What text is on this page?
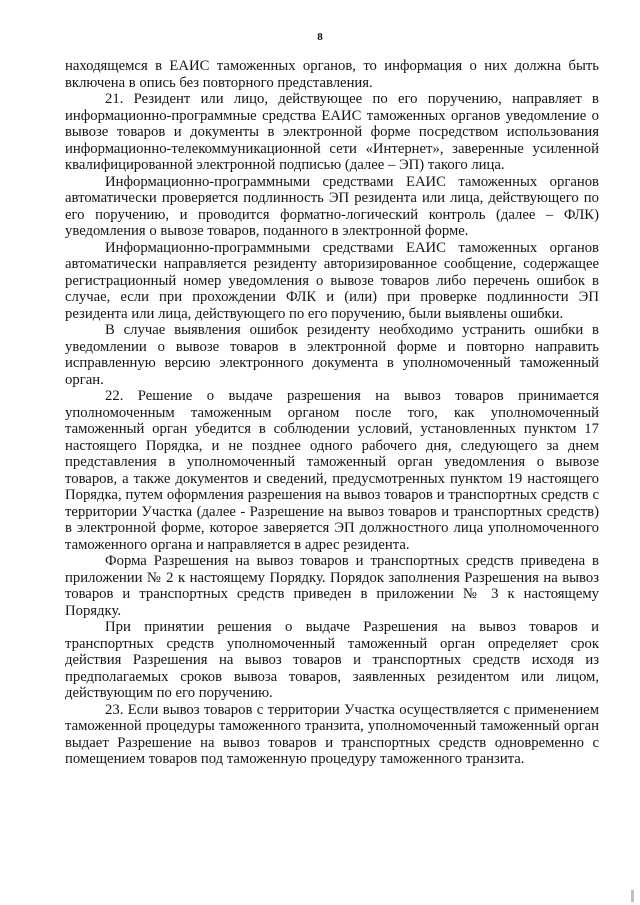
8

находящемся в ЕАИС таможенных органов, то информация о них должна быть включена в опись без повторного представления.

21. Резидент или лицо, действующее по его поручению, направляет в информационно-программные средства ЕАИС таможенных органов уведомление о вывозе товаров и документы в электронной форме посредством использования информационно-телекоммуникационной сети «Интернет», заверенные усиленной квалифицированной электронной подписью (далее – ЭП) такого лица.

Информационно-программными средствами ЕАИС таможенных органов автоматически проверяется подлинность ЭП резидента или лица, действующего по его поручению, и проводится форматно-логический контроль (далее – ФЛК) уведомления о вывозе товаров, поданного в электронной форме.

Информационно-программными средствами ЕАИС таможенных органов автоматически направляется резиденту авторизированное сообщение, содержащее регистрационный номер уведомления о вывозе товаров либо перечень ошибок в случае, если при прохождении ФЛК и (или) при проверке подлинности ЭП резидента или лица, действующего по его поручению, были выявлены ошибки.

В случае выявления ошибок резиденту необходимо устранить ошибки в уведомлении о вывозе товаров в электронной форме и повторно направить исправленную версию электронного документа в уполномоченный таможенный орган.

22. Решение о выдаче разрешения на вывоз товаров принимается уполномоченным таможенным органом после того, как уполномоченный таможенный орган убедится в соблюдении условий, установленных пунктом 17 настоящего Порядка, и не позднее одного рабочего дня, следующего за днем представления в уполномоченный таможенный орган уведомления о вывозе товаров, а также документов и сведений, предусмотренных пунктом 19 настоящего Порядка, путем оформления разрешения на вывоз товаров и транспортных средств с территории Участка (далее - Разрешение на вывоз товаров и транспортных средств) в электронной форме, которое заверяется ЭП должностного лица уполномоченного таможенного органа и направляется в адрес резидента.

Форма Разрешения на вывоз товаров и транспортных средств приведена в приложении № 2 к настоящему Порядку. Порядок заполнения Разрешения на вывоз товаров и транспортных средств приведен в приложении № 3 к настоящему Порядку.

При принятии решения о выдаче Разрешения на вывоз товаров и транспортных средств уполномоченный таможенный орган определяет срок действия Разрешения на вывоз товаров и транспортных средств исходя из предполагаемых сроков вывоза товаров, заявленных резидентом или лицом, действующим по его поручению.

23. Если вывоз товаров с территории Участка осуществляется с применением таможенной процедуры таможенного транзита, уполномоченный таможенный орган выдает Разрешение на вывоз товаров и транспортных средств одновременно с помещением товаров под таможенную процедуру таможенного транзита.
